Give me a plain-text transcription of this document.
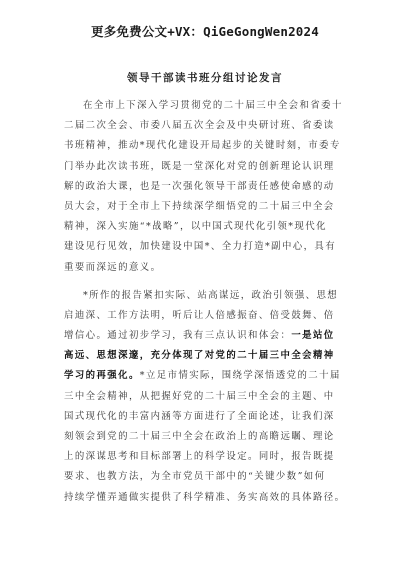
更多免费公文+VX：QiGeGongWen2024
领导干部读书班分组讨论发言
在全市上下深入学习贯彻党的二十届三中全会和省委十
二届二次全会、市委八届五次全会及中央研讨班、省委读
书班精神，推动*现代化建设开局起步的关键时刻，市委专
门举办此次读书班，既是一堂深化对党的创新理论认识理
解的政治大课，也是一次强化领导干部责任感使命感的动
员大会，对于全市上下持续深学细悟党的二十届三中全会
精神，深入实施“*战略”，以中国式现代化引领*现代化
建设见行见效，加快建设中国*、全力打造*副中心，具有
重要而深远的意义。
*所作的报告紧扣实际、站高谋远，政治引领强、思想
启迪深、工作方法明，听后让人倍感振奋、倍受鼓舞、倍
增信心。通过初步学习，我有三点认识和体会：一是站位
高远、思想深邃，充分体现了对党的二十届三中全会精神
学习的再强化。*立足市情实际，围绕学深悟透党的二十届
三中全会精神，从把握好党的二十届三中全会的主题、中
国式现代化的丰富内涵等方面进行了全面论述，让我们深
刻领会到党的二十届三中全会在政治上的高瞻远瞩、理论
上的深谋思考和目标部署上的科学设定。同时，报告既提
要求、也教方法，为全市党员干部中的“关键少数”如何
持续学懂弄通做实提供了科学精准、务实高效的具体路径。
